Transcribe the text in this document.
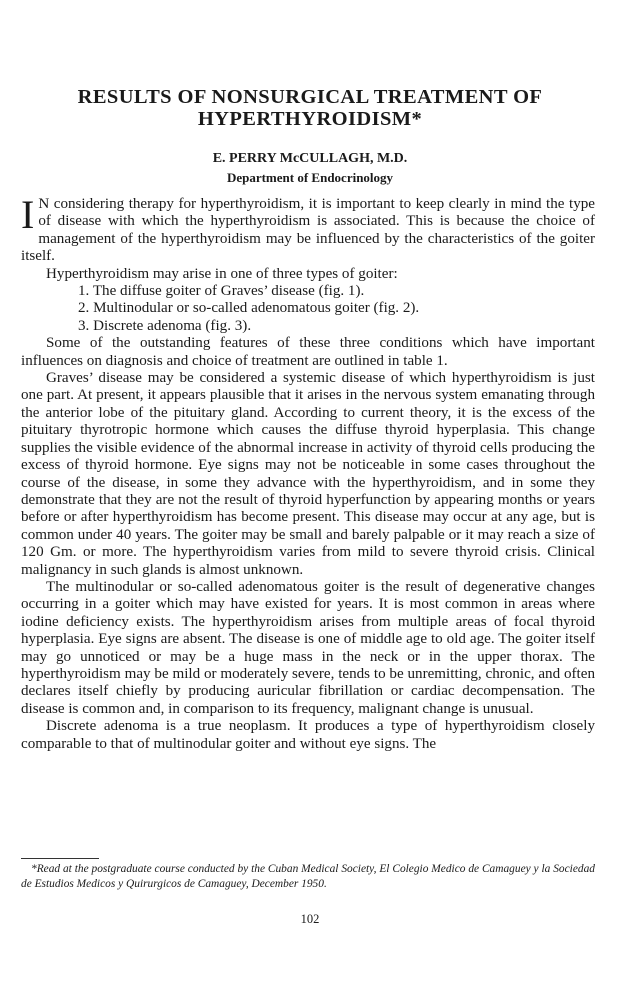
RESULTS OF NONSURGICAL TREATMENT OF HYPERTHYROIDISM*

E. PERRY McCULLAGH, M.D.

Department of Endocrinology

I N considering therapy for hyperthyroidism, it is important to keep clearly in mind the type of disease with which the hyperthyroidism is associated. This is because the choice of management of the hyperthyroidism may be influenced by the characteristics of the goiter itself.

Hyperthyroidism may arise in one of three types of goiter:

1. The diffuse goiter of Graves’ disease (fig. 1).
2. Multinodular or so-called adenomatous goiter (fig. 2).
3. Discrete adenoma (fig. 3).

Some of the outstanding features of these three conditions which have important influences on diagnosis and choice of treatment are outlined in table 1.

Graves’ disease may be considered a systemic disease of which hyperthyroidism is just one part. At present, it appears plausible that it arises in the nervous system emanating through the anterior lobe of the pituitary gland. According to current theory, it is the excess of the pituitary thyrotropic hormone which causes the diffuse thyroid hyperplasia. This change supplies the visible evidence of the abnormal increase in activity of thyroid cells producing the excess of thyroid hormone. Eye signs may not be noticeable in some cases throughout the course of the disease, in some they advance with the hyperthyroidism, and in some they demonstrate that they are not the result of thyroid hyperfunction by appearing months or years before or after hyperthyroidism has become present. This disease may occur at any age, but is common under 40 years. The goiter may be small and barely palpable or it may reach a size of 120 Gm. or more. The hyperthyroidism varies from mild to severe thyroid crisis. Clinical malignancy in such glands is almost unknown.

The multinodular or so-called adenomatous goiter is the result of degenerative changes occurring in a goiter which may have existed for years. It is most common in areas where iodine deficiency exists. The hyperthyroidism arises from multiple areas of focal thyroid hyperplasia. Eye signs are absent. The disease is one of middle age to old age. The goiter itself may go unnoticed or may be a huge mass in the neck or in the upper thorax. The hyperthyroidism may be mild or moderately severe, tends to be unremitting, chronic, and often declares itself chiefly by producing auricular fibrillation or cardiac decompensation. The disease is common and, in comparison to its frequency, malignant change is unusual.

Discrete adenoma is a true neoplasm. It produces a type of hyperthyroidism closely comparable to that of multinodular goiter and without eye signs. The

*Read at the postgraduate course conducted by the Cuban Medical Society, El Colegio Medico de Camaguey y la Sociedad de Estudios Medicos y Quirurgicos de Camaguey, December 1950.

102
